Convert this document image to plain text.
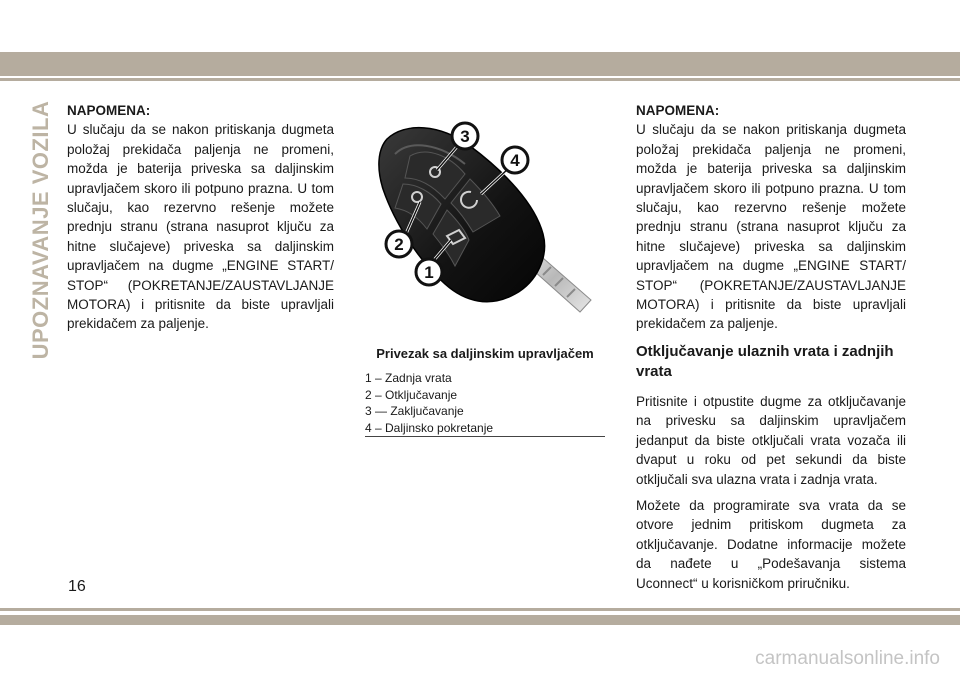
UPOZNAVANJE VOZILA NAPOMENA:

U slučaju da se nakon pritiskanja dugmeta položaj prekidača paljenja ne promeni, možda je baterija priveska sa daljinskim upravljačem skoro ili potpuno prazna. U tom slučaju, kao rezervno rešenje možete prednju stranu (strana nasuprot ključu za hitne slučajeve) priveska sa daljinskim upravljačem na dugme „ENGINE START/ STOP“ (POKRETANJE/ZAUSTAVLJANJE MOTORA) i pritisnite da biste upravljali prekidačem za paljenje.

1
2
3
4
Privezak sa daljinskim upravljačem
1 – Zadnja vrata
2 – Otključavanje
3 — Zaključavanje
4 – Daljinsko pokretanje

NAPOMENA:

U slučaju da se nakon pritiskanja dugmeta položaj prekidača paljenja ne promeni, možda je baterija priveska sa daljinskim upravljačem skoro ili potpuno prazna. U tom slučaju, kao rezervno rešenje možete prednju stranu (strana nasuprot ključu za hitne slučajeve) priveska sa daljinskim upravljačem na dugme „ENGINE START/ STOP“ (POKRETANJE/ZAUSTAVLJANJE MOTORA) i pritisnite da biste upravljali prekidačem za paljenje.

Otključavanje ulaznih vrata i zadnjih vrata

Pritisnite i otpustite dugme za otključavanje na privesku sa daljinskim upravljačem jedanput da biste otključali vrata vozača ili dvaput u roku od pet sekundi da biste otključali sva ulazna vrata i zadnja vrata.

Možete da programirate sva vrata da se otvore jednim pritiskom dugmeta za otključavanje. Dodatne informacije možete da nađete u „Podešavanja sistema Uconnect“ u korisničkom priručniku.

16
carmanualsonline.info
